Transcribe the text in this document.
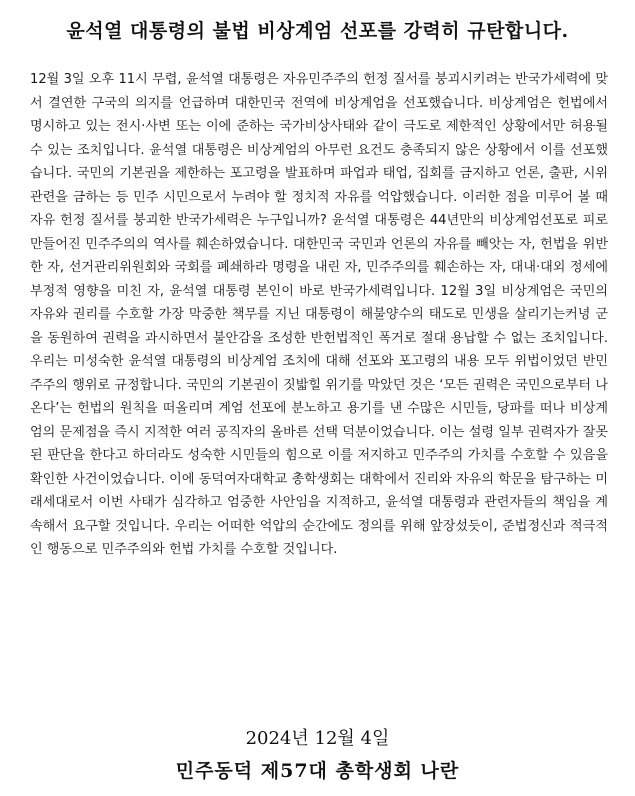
윤석열 대통령의 불법 비상계엄 선포를 강력히 규탄합니다.
12월 3일 오후 11시 무렵, 윤석열 대통령은 자유민주주의 헌정 질서를 붕괴시키려는 반국가세력에 맞서 결연한 구국의 의지를 언급하며 대한민국 전역에 비상계엄을 선포했습니다. 비상계엄은 헌법에서 명시하고 있는 전시·사변 또는 이에 준하는 국가비상사태와 같이 극도로 제한적인 상황에서만 허용될 수 있는 조치입니다. 윤석열 대통령은 비상계엄의 아무런 요건도 충족되지 않은 상황에서 이를 선포했습니다. 국민의 기본권을 제한하는 포고령을 발표하며 파업과 태업, 집회를 금지하고 언론, 출판, 시위 관련을 금하는 등 민주 시민으로서 누려야 할 정치적 자유를 억압했습니다. 이러한 점을 미루어 볼 때 자유 헌정 질서를 붕괴한 반국가세력은 누구입니까? 윤석열 대통령은 44년만의 비상계엄선포로 피로 만들어진 민주주의의 역사를 훼손하였습니다. 대한민국 국민과 언론의 자유를 빼앗는 자, 헌법을 위반한 자, 선거관리위원회와 국회를 폐쇄하라 명령을 내린 자, 민주주의를 훼손하는 자, 대내·대외 정세에 부정적 영향을 미친 자, 윤석열 대통령 본인이 바로 반국가세력입니다. 12월 3일 비상계엄은 국민의 자유와 권리를 수호할 가장 막중한 책무를 지닌 대통령이 해불양수의 태도로 민생을 살리기는커녕 군을 동원하여 권력을 과시하면서 불안감을 조성한 반헌법적인 폭거로 절대 용납할 수 없는 조치입니다. 우리는 미성숙한 윤석열 대통령의 비상계엄 조치에 대해 선포와 포고령의 내용 모두 위법이었던 반민주주의 행위로 규정합니다. 국민의 기본권이 짓밟힐 위기를 막았던 것은 ‘모든 권력은 국민으로부터 나온다’는 헌법의 원칙을 떠올리며 계엄 선포에 분노하고 용기를 낸 수많은 시민들, 당파를 떠나 비상계엄의 문제점을 즉시 지적한 여러 공직자의 올바른 선택 덕분이었습니다. 이는 설령 일부 권력자가 잘못된 판단을 한다고 하더라도 성숙한 시민들의 힘으로 이를 저지하고 민주주의 가치를 수호할 수 있음을 확인한 사건이었습니다. 이에 동덕여자대학교 총학생회는 대학에서 진리와 자유의 학문을 탐구하는 미래세대로서 이번 사태가 심각하고 엄중한 사안임을 지적하고, 윤석열 대통령과 관련자들의 책임을 계속해서 요구할 것입니다. 우리는 어떠한 억압의 순간에도 정의를 위해 앞장섰듯이, 준법정신과 적극적인 행동으로 민주주의와 헌법 가치를 수호할 것입니다.
2024년 12월 4일
민주동덕 제57대 총학생회 나란
